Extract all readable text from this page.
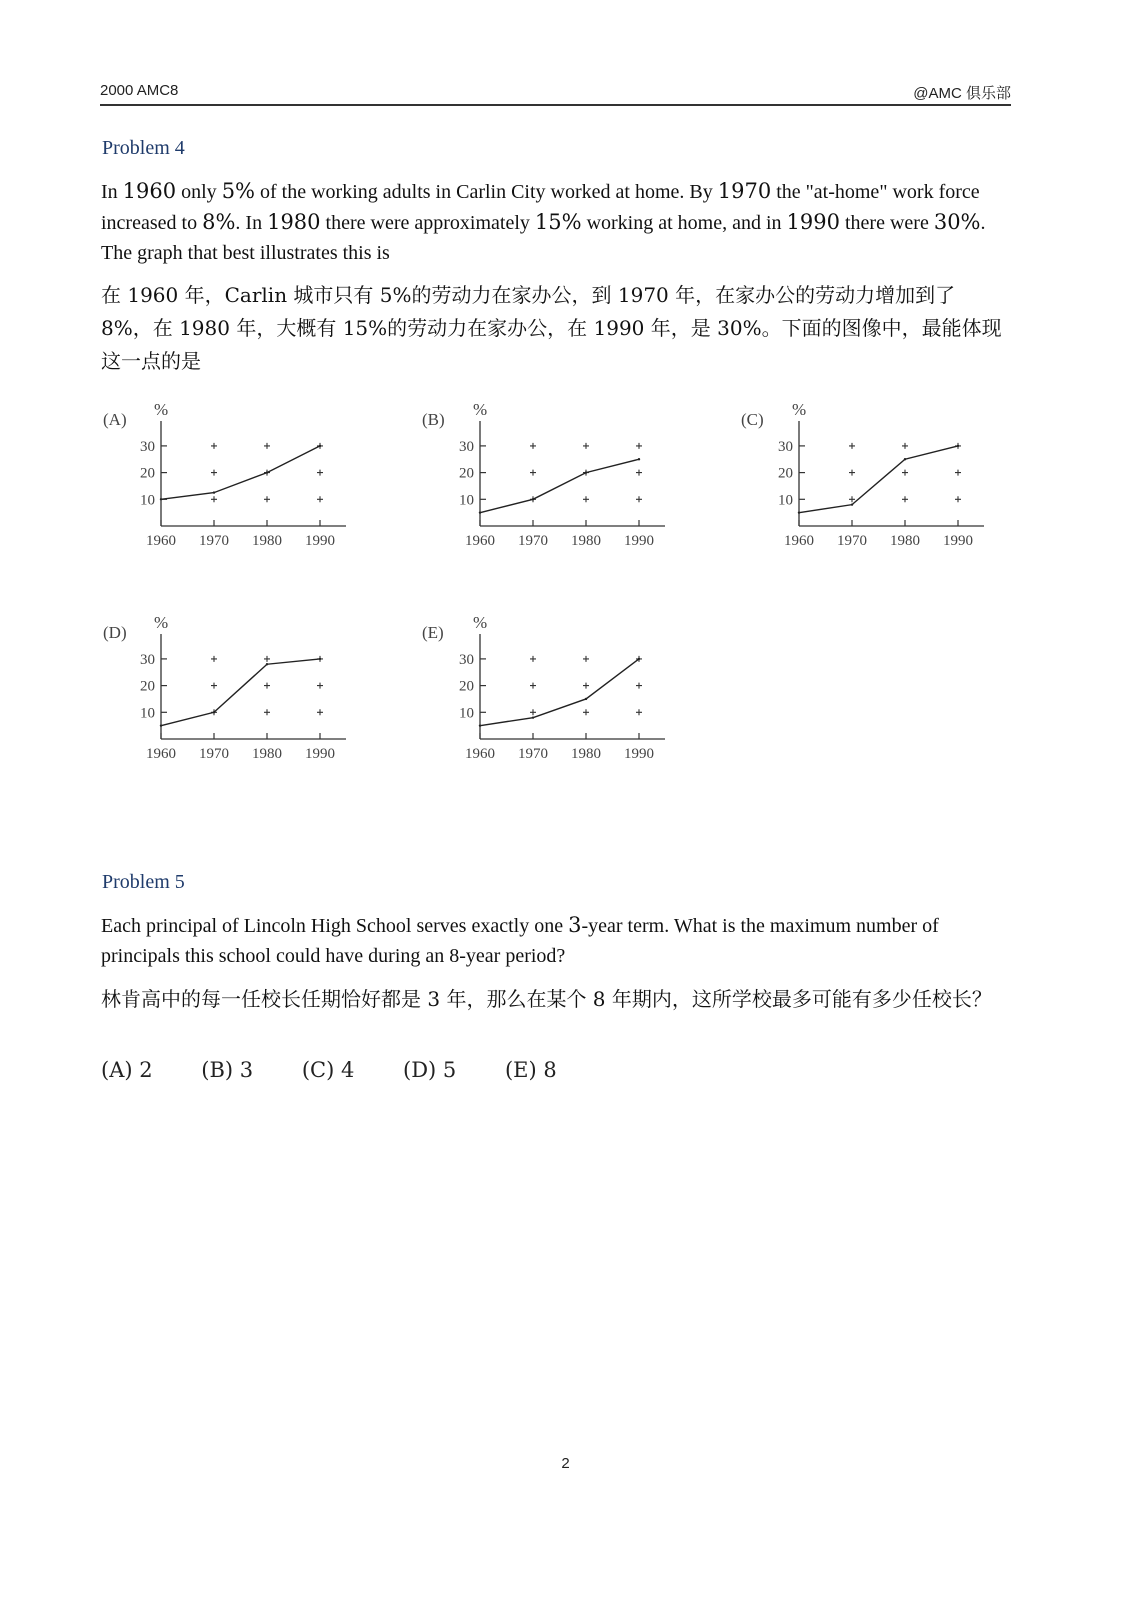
2000 AMC8	@AMC 俱乐部
Problem 4
In 1960 only 5% of the working adults in Carlin City worked at home. By 1970 the "at-home" work force increased to 8%. In 1980 there were approximately 15% working at home, and in 1990 there were 30%. The graph that best illustrates this is
在 1960 年，Carlin 城市只有 5%的劳动力在家办公，到 1970 年，在家办公的劳动力增加到了 8%，在 1980 年，大概有 15%的劳动力在家办公，在 1990 年，是 30%。下面的图像中，最能体现这一点的是
(A)
%
10
20
30
1960 1970 1980 1990
(B)
%
10
20
30
1960 1970 1980 1990
(C)
%
10
20
30
1960 1970 1980 1990
(D)
%
10
20
30
1960 1970 1980 1990
(E)
%
10
20
30
1960 1970 1980 1990
Problem 5
Each principal of Lincoln High School serves exactly one 3-year term. What is the maximum number of principals this school could have during an 8-year period?
林肯高中的每一任校长任期恰好都是 3 年，那么在某个 8 年期内，这所学校最多可能有多少任校长？
(A) 2 (B) 3 (C) 4 (D) 5 (E) 8
2
